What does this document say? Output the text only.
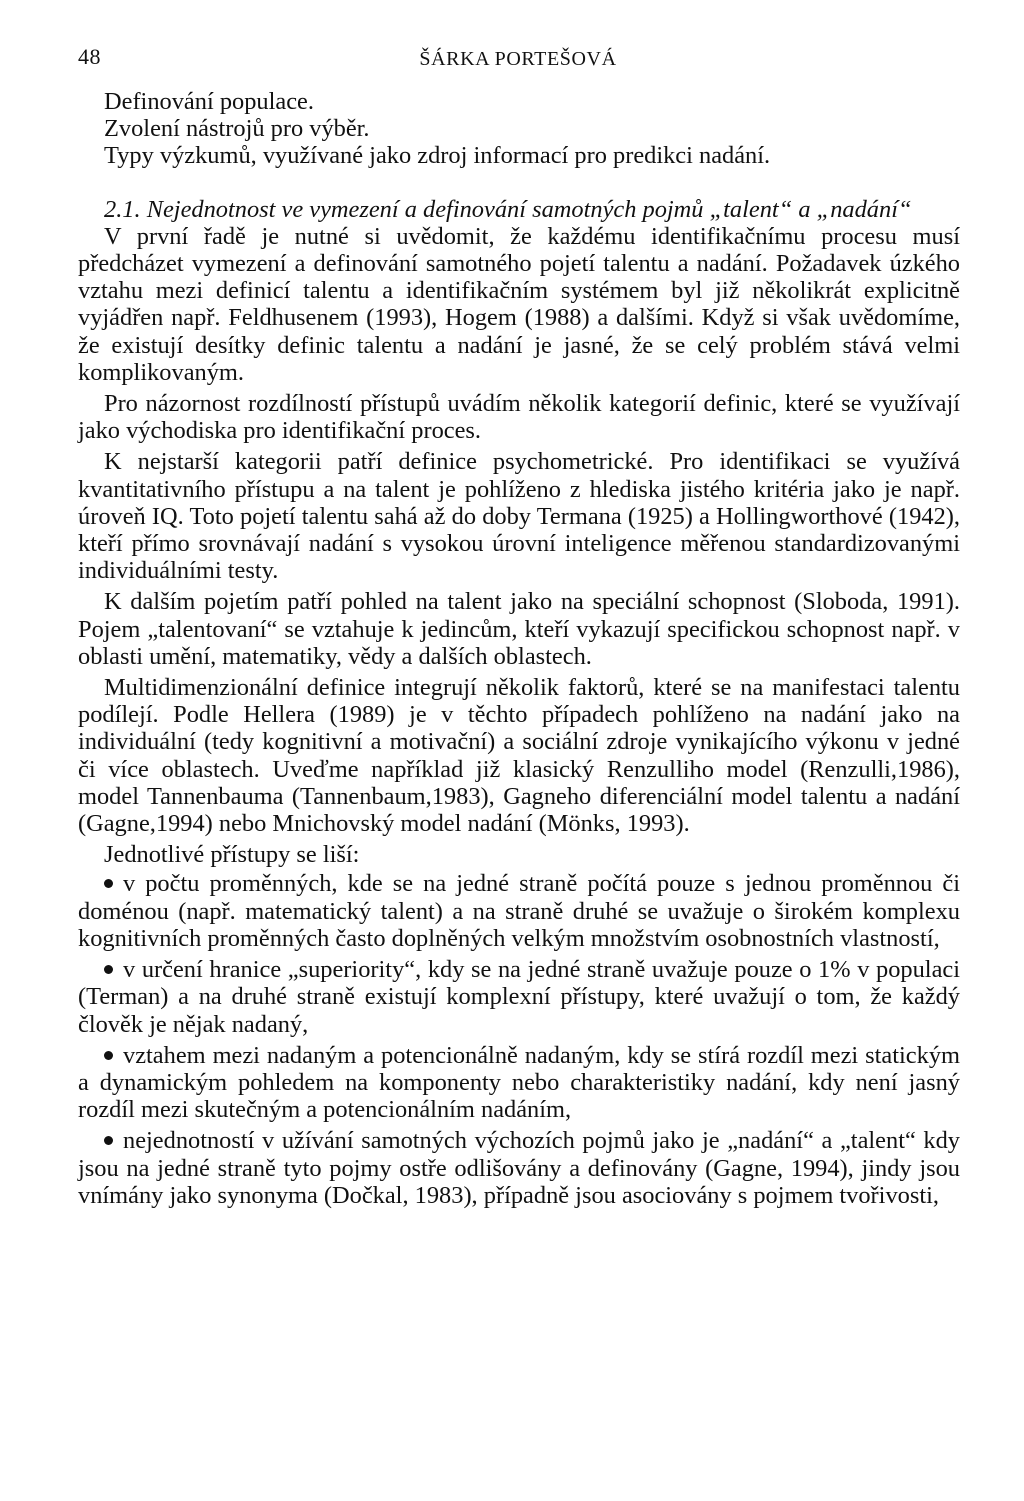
48	ŠÁRKA PORTEŠOVÁ
Definování populace.
Zvolení nástrojů pro výběr.
Typy výzkumů, využívané jako zdroj informací pro predikci nadání.
2.1. Nejednotnost ve vymezení a definování samotných pojmů „talent“ a „nadání“

V první řadě je nutné si uvědomit, že každému identifikačnímu procesu musí předcházet vymezení a definování samotného pojetí talentu a nadání. Požadavek úzkého vztahu mezi definicí talentu a identifikačním systémem byl již několikrát explicitně vyjádřen např. Feldhusenem (1993), Hogem (1988) a dalšími. Když si však uvědomíme, že existují desítky definic talentu a nadání je jasné, že se celý problém stává velmi komplikovaným.

Pro názornost rozdílností přístupů uvádím několik kategorií definic, které se využívají jako východiska pro identifikační proces.

K nejstarší kategorii patří definice psychometrické. Pro identifikaci se využívá kvantitativního přístupu a na talent je pohlíženo z hlediska jistého kritéria jako je např. úroveň IQ. Toto pojetí talentu sahá až do doby Termana (1925) a Hollingworthové (1942), kteří přímo srovnávají nadání s vysokou úrovní inteligence měřenou standardizovanými individuálními testy.

K dalším pojetím patří pohled na talent jako na speciální schopnost (Sloboda, 1991). Pojem „talentovaní“ se vztahuje k jedincům, kteří vykazují specifickou schopnost např. v oblasti umění, matematiky, vědy a dalších oblastech.

Multidimenzionální definice integrují několik faktorů, které se na manifestaci talentu podílejí. Podle Hellera (1989) je v těchto případech pohlíženo na nadání jako na individuální (tedy kognitivní a motivační) a sociální zdroje vynikajícího výkonu v jedné či více oblastech. Uveďme například již klasický Renzulliho model (Renzulli,1986), model Tannenbauma (Tannenbaum,1983), Gagneho diferenciální model talentu a nadání (Gagne,1994) nebo Mnichovský model nadání (Mönks, 1993).

Jednotlivé přístupy se liší:

v počtu proměnných, kde se na jedné straně počítá pouze s jednou proměnnou či doménou (např. matematický talent) a na straně druhé se uvažuje o širokém komplexu kognitivních proměnných často doplněných velkým množstvím osobnostních vlastností,
v určení hranice „superiority“, kdy se na jedné straně uvažuje pouze o 1% v populaci (Terman) a na druhé straně existují komplexní přístupy, které uvažují o tom, že každý člověk je nějak nadaný,
vztahem mezi nadaným a potencionálně nadaným, kdy se stírá rozdíl mezi statickým a dynamickým pohledem na komponenty nebo charakteristiky nadání, kdy není jasný rozdíl mezi skutečným a potencionálním nadáním,
nejednotností v užívání samotných výchozích pojmů jako je „nadání“ a „talent“ kdy jsou na jedné straně tyto pojmy ostře odlišovány a definovány (Gagne, 1994), jindy jsou vnímány jako synonyma (Dočkal, 1983), případně jsou asociovány s pojmem tvořivosti,
